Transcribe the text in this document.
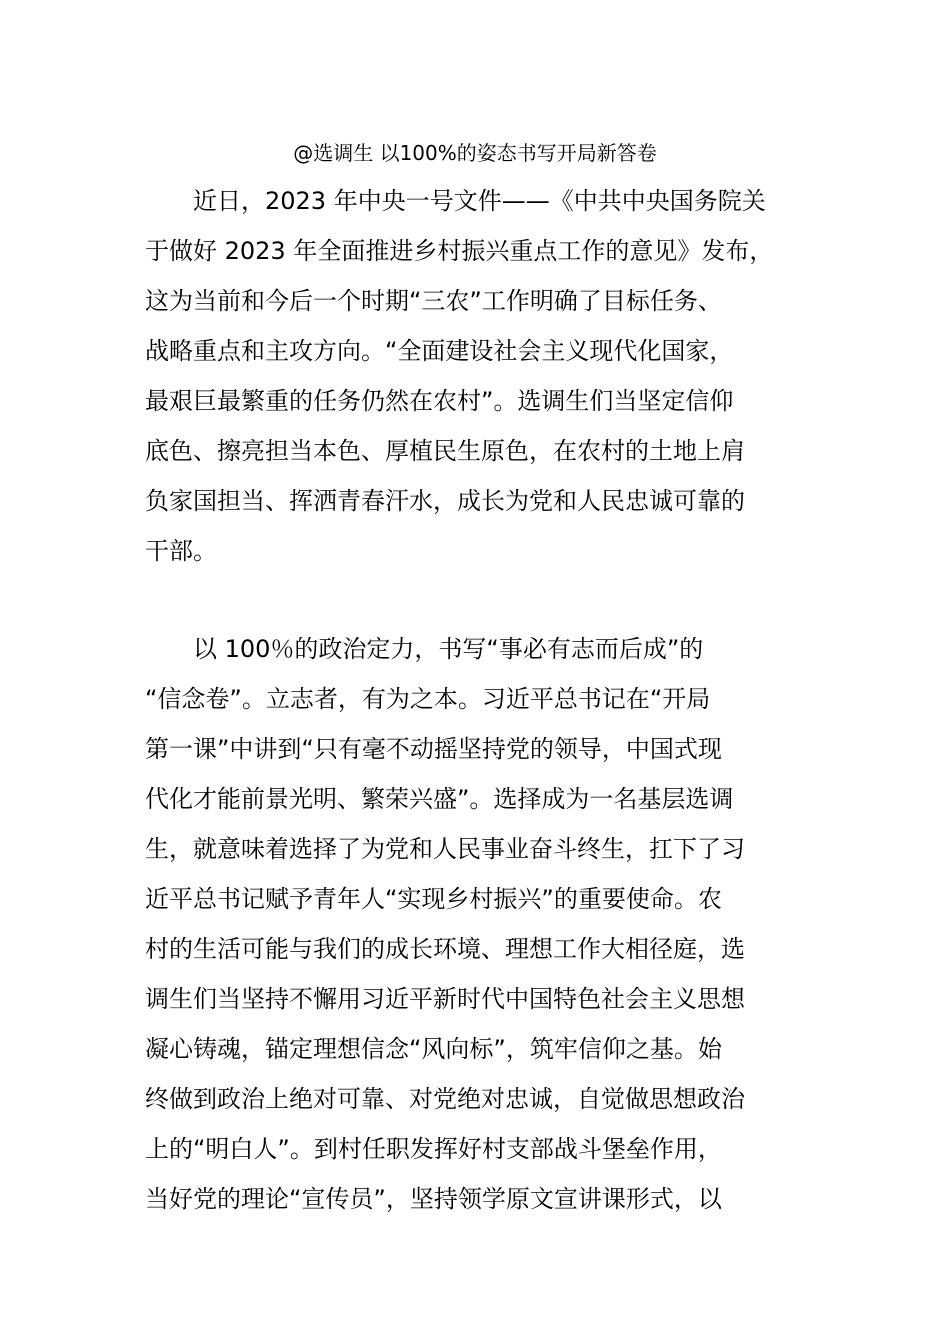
@选调生 以100%的姿态书写开局新答卷
　　近日，2023 年中央一号文件——《中共中央国务院关
于做好 2023 年全面推进乡村振兴重点工作的意见》发布，
这为当前和今后一个时期“三农”工作明确了目标任务、
战略重点和主攻方向。“全面建设社会主义现代化国家，
最艰巨最繁重的任务仍然在农村”。选调生们当坚定信仰
底色、擦亮担当本色、厚植民生原色，在农村的土地上肩
负家国担当、挥洒青春汗水，成长为党和人民忠诚可靠的
干部。
　　以 100％的政治定力，书写“事必有志而后成”的
“信念卷”。立志者，有为之本。习近平总书记在“开局
第一课”中讲到“只有毫不动摇坚持党的领导，中国式现
代化才能前景光明、繁荣兴盛”。选择成为一名基层选调
生，就意味着选择了为党和人民事业奋斗终生，扛下了习
近平总书记赋予青年人“实现乡村振兴”的重要使命。农
村的生活可能与我们的成长环境、理想工作大相径庭，选
调生们当坚持不懈用习近平新时代中国特色社会主义思想
凝心铸魂，锚定理想信念“风向标”，筑牢信仰之基。始
终做到政治上绝对可靠、对党绝对忠诚，自觉做思想政治
上的“明白人”。到村任职发挥好村支部战斗堡垒作用，
当好党的理论“宣传员”，坚持领学原文宣讲课形式，以
